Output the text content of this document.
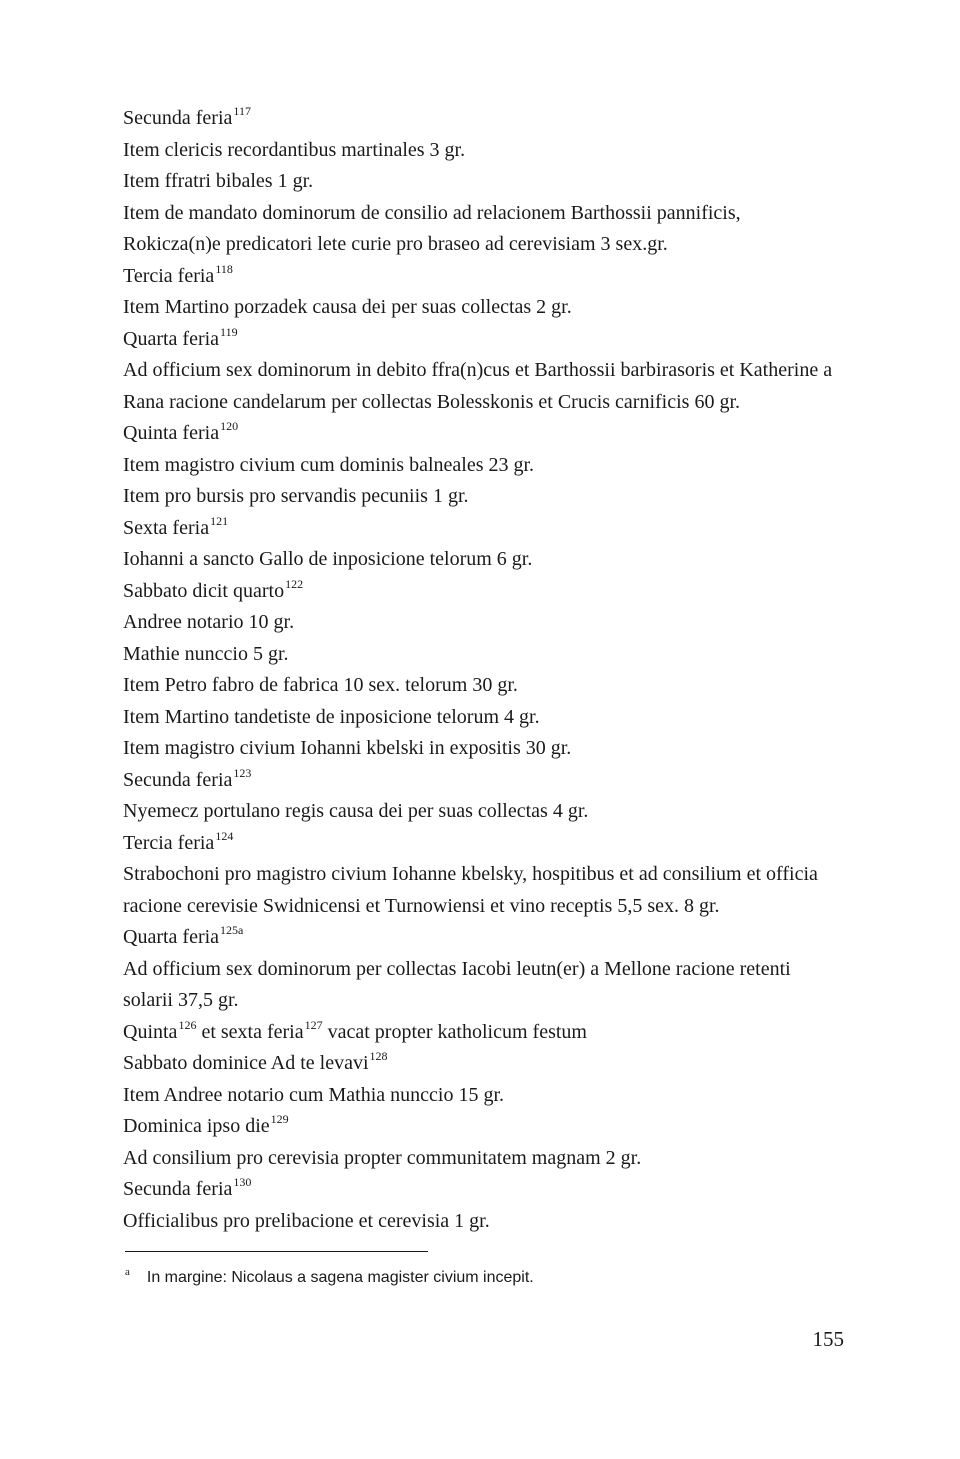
Secunda feria$^{117}$
Item clericis recordantibus martinales 3 gr.
Item ffratri bibales 1 gr.
Item de mandato dominorum de consilio ad relacionem Barthossii pannificis, Rokicza(n)e predicatori lete curie pro braseo ad cerevisiam 3 sex.gr.
Tercia feria$^{118}$
Item Martino porzadek causa dei per suas collectas 2 gr.
Quarta feria$^{119}$
Ad officium sex dominorum in debito ffra(n)cus et Barthossii barbirasoris et Katherine a Rana racione candelarum per collectas Bolesskonis et Crucis carnificis 60 gr.
Quinta feria$^{120}$
Item magistro civium cum dominis balneales 23 gr.
Item pro bursis pro servandis pecuniis 1 gr.
Sexta feria$^{121}$
Iohanni a sancto Gallo de inposicione telorum 6 gr.
Sabbato dicit quarto$^{122}$
Andree notario 10 gr.
Mathie nunccio 5 gr.
Item Petro fabro de fabrica 10 sex. telorum 30 gr.
Item Martino tandetiste de inposicione telorum 4 gr.
Item magistro civium Iohanni kbelski in expositis 30 gr.
Secunda feria$^{123}$
Nyemecz portulano regis causa dei per suas collectas 4 gr.
Tercia feria$^{124}$
Strabochoni pro magistro civium Iohanne kbelsky, hospitibus et ad consilium et officia racione cerevisie Swidnicensi et Turnowiensi et vino receptis 5,5 sex. 8 gr.
Quarta feria$^{125a}$
Ad officium sex dominorum per collectas Iacobi leutn(er) a Mellone racione retenti solarii 37,5 gr.
Quinta$^{126}$ et sexta feria$^{127}$ vacat propter katholicum festum
Sabbato dominice Ad te levavi$^{128}$
Item Andree notario cum Mathia nunccio 15 gr.
Dominica ipso die$^{129}$
Ad consilium pro cerevisia propter communitatem magnam 2 gr.
Secunda feria$^{130}$
Officialibus pro prelibacione et cerevisia 1 gr.
$^a$ In margine: Nicolaus a sagena magister civium incepit.
155
